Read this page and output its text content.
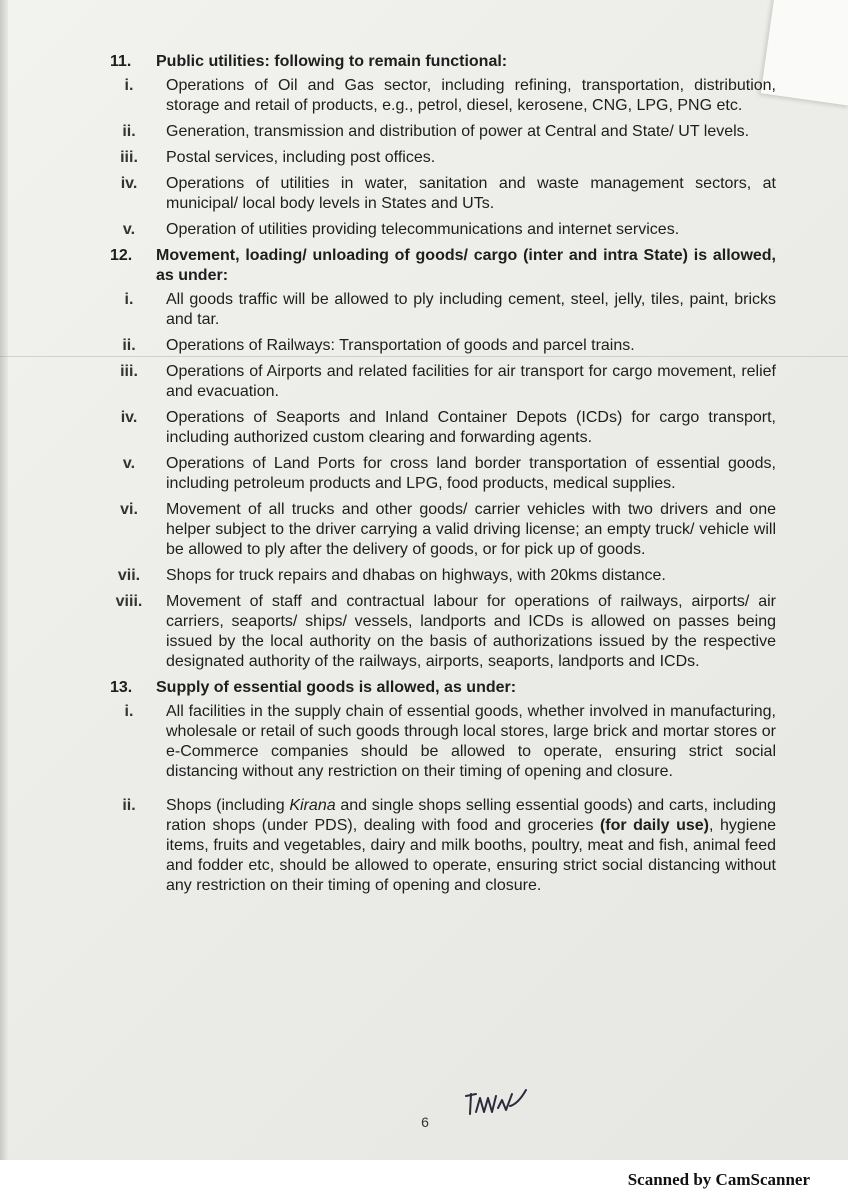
11.	Public utilities: following to remain functional:
i.	Operations of Oil and Gas sector, including refining, transportation, distribution, storage and retail of products, e.g., petrol, diesel, kerosene, CNG, LPG, PNG etc.
ii.	Generation, transmission and distribution of power at Central and State/ UT levels.
iii.	Postal services, including post offices.
iv.	Operations of utilities in water, sanitation and waste management sectors, at municipal/ local body levels in States and UTs.
v.	Operation of utilities providing telecommunications and internet services.
12.	Movement, loading/ unloading of goods/ cargo (inter and intra State) is allowed, as under:
i.	All goods traffic will be allowed to ply including cement, steel, jelly, tiles, paint, bricks and tar.
ii.	Operations of Railways: Transportation of goods and parcel trains.
iii.	Operations of Airports and related facilities for air transport for cargo movement, relief and evacuation.
iv.	Operations of Seaports and Inland Container Depots (ICDs) for cargo transport, including authorized custom clearing and forwarding agents.
v.	Operations of Land Ports for cross land border transportation of essential goods, including petroleum products and LPG, food products, medical supplies.
vi.	Movement of all trucks and other goods/ carrier vehicles with two drivers and one helper subject to the driver carrying a valid driving license; an empty truck/ vehicle will be allowed to ply after the delivery of goods, or for pick up of goods.
vii.	Shops for truck repairs and dhabas on highways, with 20kms distance.
viii.	Movement of staff and contractual labour for operations of railways, airports/ air carriers, seaports/ ships/ vessels, landports and ICDs is allowed on passes being issued by the local authority on the basis of authorizations issued by the respective designated authority of the railways, airports, seaports, landports and ICDs.
13.	Supply of essential goods is allowed, as under:
i.	All facilities in the supply chain of essential goods, whether involved in manufacturing, wholesale or retail of such goods through local stores, large brick and mortar stores or e-Commerce companies should be allowed to operate, ensuring strict social distancing without any restriction on their timing of opening and closure.
ii.	Shops (including Kirana and single shops selling essential goods) and carts, including ration shops (under PDS), dealing with food and groceries (for daily use), hygiene items, fruits and vegetables, dairy and milk booths, poultry, meat and fish, animal feed and fodder etc, should be allowed to operate, ensuring strict social distancing without any restriction on their timing of opening and closure.
6
Scanned by CamScanner
